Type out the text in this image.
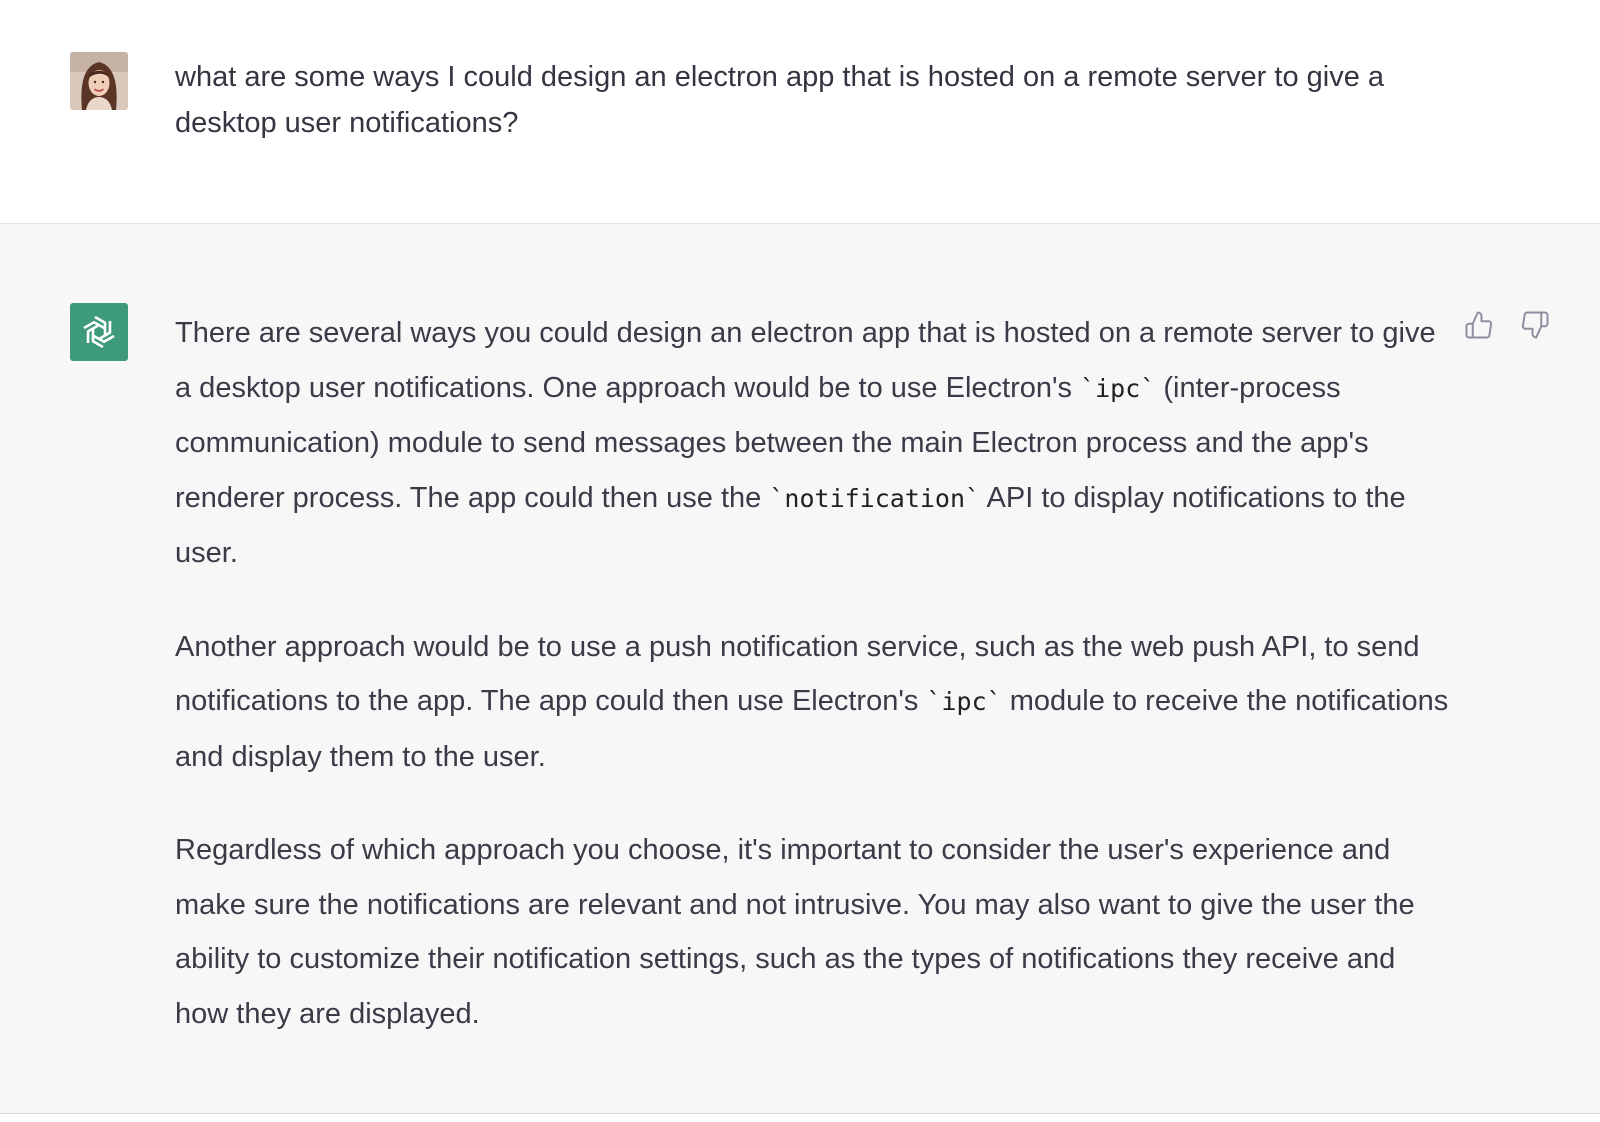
what are some ways I could design an electron app that is hosted on a remote server to give a desktop user notifications?

There are several ways you could design an electron app that is hosted on a remote server to give a desktop user notifications. One approach would be to use Electron's `ipc` (inter-process communication) module to send messages between the main Electron process and the app's renderer process. The app could then use the `notification` API to display notifications to the user.

Another approach would be to use a push notification service, such as the web push API, to send notifications to the app. The app could then use Electron's `ipc` module to receive the notifications and display them to the user.

Regardless of which approach you choose, it's important to consider the user's experience and make sure the notifications are relevant and not intrusive. You may also want to give the user the ability to customize their notification settings, such as the types of notifications they receive and how they are displayed.
